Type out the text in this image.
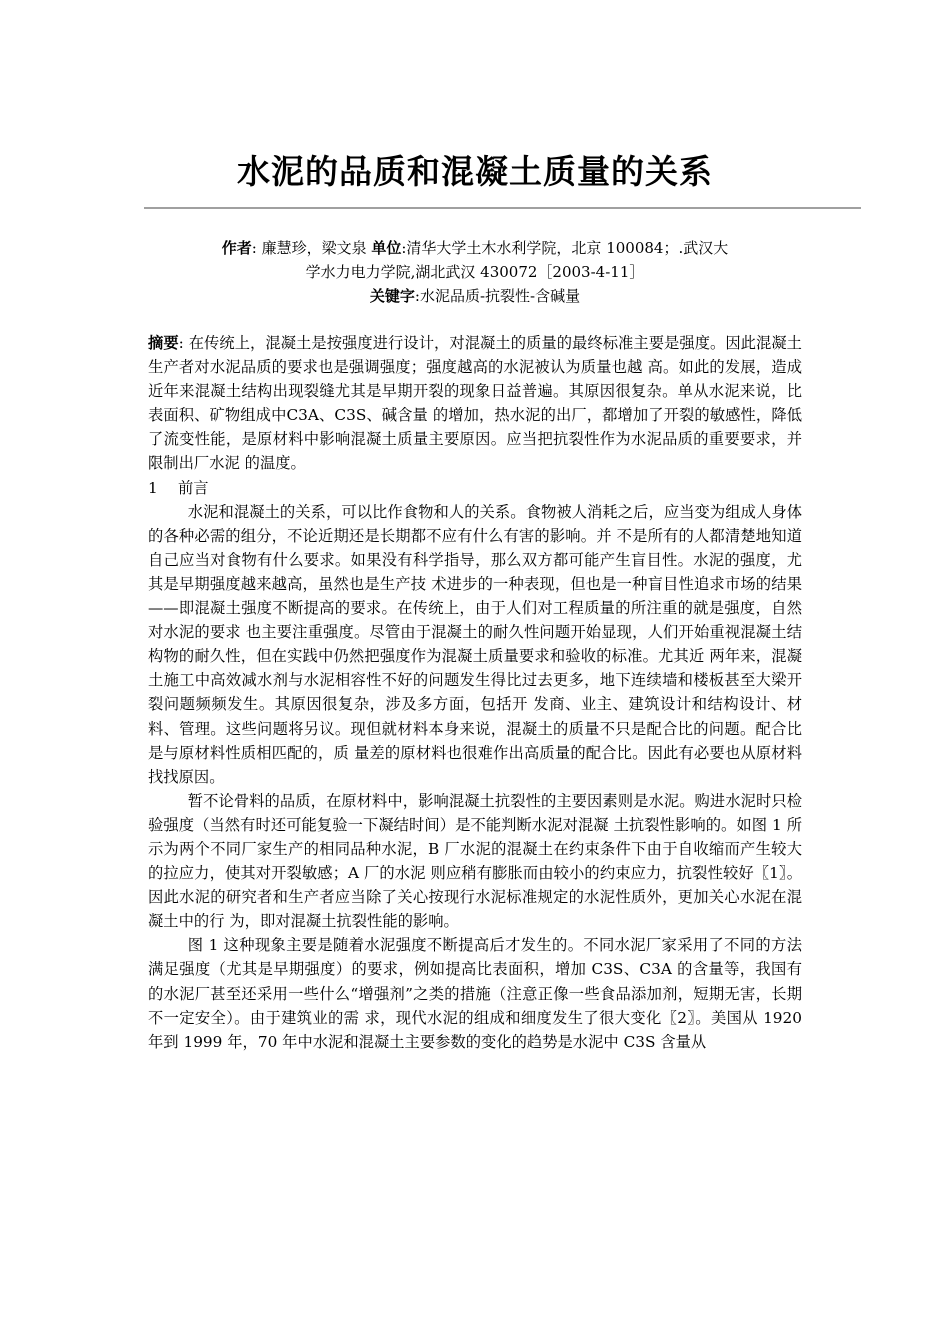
水泥的品质和混凝土质量的关系
作者: 廉慧珍，梁文泉 单位:清华大学土木水利学院，北京 100084；.武汉大
学水力电力学院,湖北武汉 430072［2003-4-11］
关键字:水泥品质-抗裂性-含碱量

摘要: 在传统上，混凝土是按强度进行设计，对混凝土的质量的最终标准主要是强度。因此混凝土生产者对水泥品质的要求也是强调强度；强度越高的水泥被认为质量也越 高。如此的发展，造成近年来混凝土结构出现裂缝尤其是早期开裂的现象日益普遍。其原因很复杂。单从水泥来说，比表面积、矿物组成中C3A、C3S、碱含量 的增加，热水泥的出厂，都增加了开裂的敏感性，降低了流变性能，是原材料中影响混凝土质量主要原因。应当把抗裂性作为水泥品质的重要要求，并限制出厂水泥 的温度。

1 前言

水泥和混凝土的关系，可以比作食物和人的关系。食物被人消耗之后，应当变为组成人身体的各种必需的组分，不论近期还是长期都不应有什么有害的影响。并 不是所有的人都清楚地知道自己应当对食物有什么要求。如果没有科学指导，那么双方都可能产生盲目性。水泥的强度，尤其是早期强度越来越高，虽然也是生产技 术进步的一种表现，但也是一种盲目性追求市场的结果——即混凝土强度不断提高的要求。在传统上，由于人们对工程质量的所注重的就是强度，自然对水泥的要求 也主要注重强度。尽管由于混凝土的耐久性问题开始显现，人们开始重视混凝土结构物的耐久性，但在实践中仍然把强度作为混凝土质量要求和验收的标准。尤其近 两年来，混凝土施工中高效减水剂与水泥相容性不好的问题发生得比过去更多，地下连续墙和楼板甚至大梁开裂问题频频发生。其原因很复杂，涉及多方面，包括开 发商、业主、建筑设计和结构设计、材料、管理。这些问题将另议。现但就材料本身来说，混凝土的质量不只是配合比的问题。配合比是与原材料性质相匹配的，质 量差的原材料也很难作出高质量的配合比。因此有必要也从原材料找找原因。

暂不论骨料的品质，在原材料中，影响混凝土抗裂性的主要因素则是水泥。购进水泥时只检验强度（当然有时还可能复验一下凝结时间）是不能判断水泥对混凝 土抗裂性影响的。如图 1 所示为两个不同厂家生产的相同品种水泥，B 厂水泥的混凝土在约束条件下由于自收缩而产生较大的拉应力，使其对开裂敏感；A 厂的水泥 则应稍有膨胀而由较小的约束应力，抗裂性较好〖1〗。因此水泥的研究者和生产者应当除了关心按现行水泥标准规定的水泥性质外，更加关心水泥在混凝土中的行 为，即对混凝土抗裂性能的影响。

图 1 这种现象主要是随着水泥强度不断提高后才发生的。不同水泥厂家采用了不同的方法满足强度（尤其是早期强度）的要求，例如提高比表面积，增加 C3S、C3A 的含量等，我国有的水泥厂甚至还采用一些什么“增强剂”之类的措施（注意正像一些食品添加剂，短期无害，长期不一定安全）。由于建筑业的需 求，现代水泥的组成和细度发生了很大变化〖2〗。美国从 1920 年到 1999 年，70 年中水泥和混凝土主要参数的变化的趋势是水泥中 C3S 含量从
